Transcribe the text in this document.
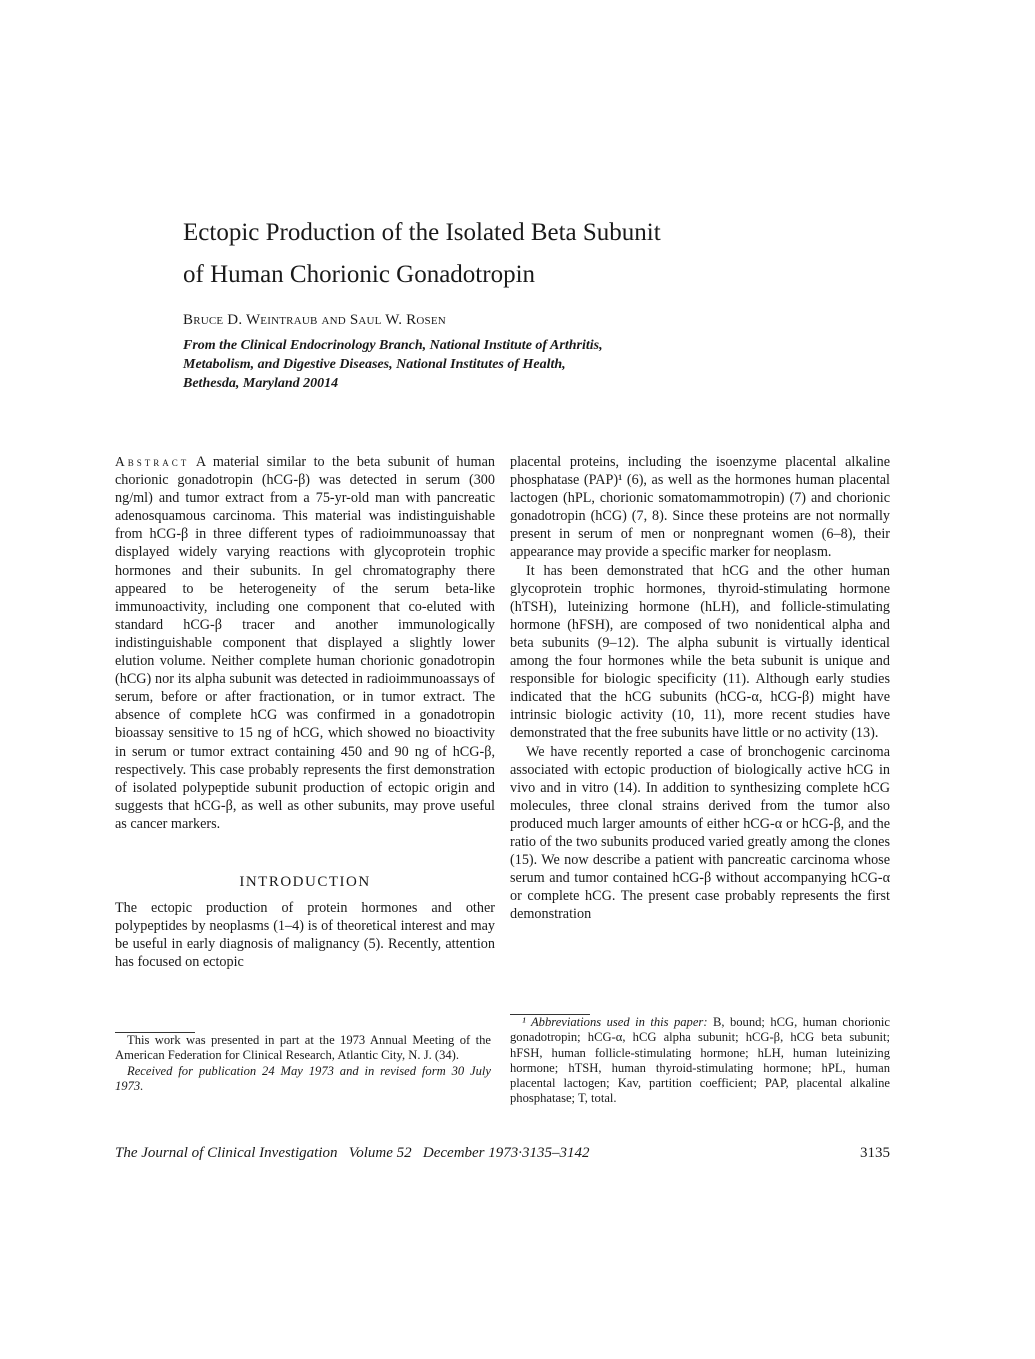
Ectopic Production of the Isolated Beta Subunit
of Human Chorionic Gonadotropin
Bruce D. Weintraub and Saul W. Rosen
From the Clinical Endocrinology Branch, National Institute of Arthritis,
Metabolism, and Digestive Diseases, National Institutes of Health,
Bethesda, Maryland 20014

Abstract A material similar to the beta subunit of human chorionic gonadotropin (hCG-β) was detected in serum (300 ng/ml) and tumor extract from a 75-yr-old man with pancreatic adenosquamous carcinoma. This material was indistinguishable from hCG-β in three different types of radioimmunoassay that displayed widely varying reactions with glycoprotein trophic hormones and their subunits. In gel chromatography there appeared to be heterogeneity of the serum beta-like immunoactivity, including one component that co-eluted with standard hCG-β tracer and another immunologically indistinguishable component that displayed a slightly lower elution volume. Neither complete human chorionic gonadotropin (hCG) nor its alpha subunit was detected in radioimmunoassays of serum, before or after fractionation, or in tumor extract. The absence of complete hCG was confirmed in a gonadotropin bioassay sensitive to 15 ng of hCG, which showed no bioactivity in serum or tumor extract containing 450 and 90 ng of hCG-β, respectively. This case probably represents the first demonstration of isolated polypeptide subunit production of ectopic origin and suggests that hCG-β, as well as other subunits, may prove useful as cancer markers.

INTRODUCTION

The ectopic production of protein hormones and other polypeptides by neoplasms (1–4) is of theoretical interest and may be useful in early diagnosis of malignancy (5). Recently, attention has focused on ectopic

This work was presented in part at the 1973 Annual Meeting of the American Federation for Clinical Research, Atlantic City, N. J. (34).

Received for publication 24 May 1973 and in revised form 30 July 1973.

placental proteins, including the isoenzyme placental alkaline phosphatase (PAP)¹ (6), as well as the hormones human placental lactogen (hPL, chorionic somatomammotropin) (7) and chorionic gonadotropin (hCG) (7, 8). Since these proteins are not normally present in serum of men or nonpregnant women (6–8), their appearance may provide a specific marker for neoplasm.

It has been demonstrated that hCG and the other human glycoprotein trophic hormones, thyroid-stimulating hormone (hTSH), luteinizing hormone (hLH), and follicle-stimulating hormone (hFSH), are composed of two nonidentical alpha and beta subunits (9–12). The alpha subunit is virtually identical among the four hormones while the beta subunit is unique and responsible for biologic specificity (11). Although early studies indicated that the hCG subunits (hCG-α, hCG-β) might have intrinsic biologic activity (10, 11), more recent studies have demonstrated that the free subunits have little or no activity (13).

We have recently reported a case of bronchogenic carcinoma associated with ectopic production of biologically active hCG in vivo and in vitro (14). In addition to synthesizing complete hCG molecules, three clonal strains derived from the tumor also produced much larger amounts of either hCG-α or hCG-β, and the ratio of the two subunits produced varied greatly among the clones (15). We now describe a patient with pancreatic carcinoma whose serum and tumor contained hCG-β without accompanying hCG-α or complete hCG. The present case probably represents the first demonstration

¹ Abbreviations used in this paper: B, bound; hCG, human chorionic gonadotropin; hCG-α, hCG alpha subunit; hCG-β, hCG beta subunit; hFSH, human follicle-stimulating hormone; hLH, human luteinizing hormone; hTSH, human thyroid-stimulating hormone; hPL, human placental lactogen; Kav, partition coefficient; PAP, placental alkaline phosphatase; T, total.

The Journal of Clinical Investigation   Volume 52   December 1973·3135–3142	3135
